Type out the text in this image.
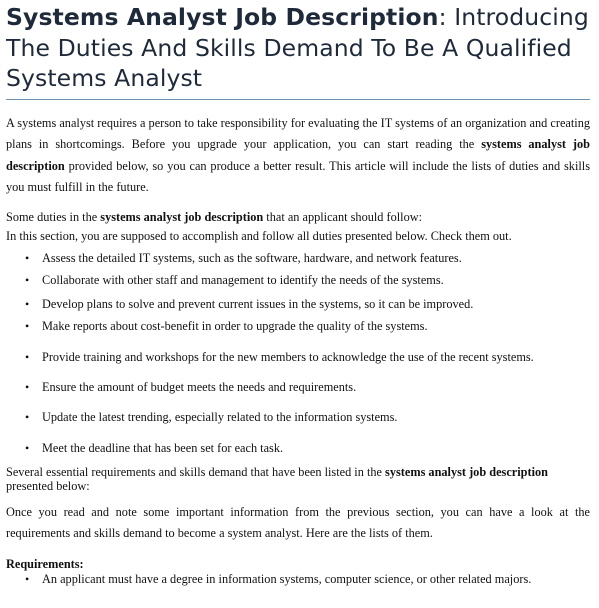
Systems Analyst Job Description: Introducing The Duties And Skills Demand To Be A Qualified Systems Analyst

A systems analyst requires a person to take responsibility for evaluating the IT systems of an organization and creating plans in shortcomings. Before you upgrade your application, you can start reading the systems analyst job description provided below, so you can produce a better result. This article will include the lists of duties and skills you must fulfill in the future.

Some duties in the systems analyst job description that an applicant should follow:

In this section, you are supposed to accomplish and follow all duties presented below. Check them out.

• Assess the detailed IT systems, such as the software, hardware, and network features.
• Collaborate with other staff and management to identify the needs of the systems.
• Develop plans to solve and prevent current issues in the systems, so it can be improved.
• Make reports about cost-benefit in order to upgrade the quality of the systems.
• Provide training and workshops for the new members to acknowledge the use of the recent systems.
• Ensure the amount of budget meets the needs and requirements.
• Update the latest trending, especially related to the information systems.
• Meet the deadline that has been set for each task.

Several essential requirements and skills demand that have been listed in the systems analyst job description presented below:

Once you read and note some important information from the previous section, you can have a look at the requirements and skills demand to become a system analyst. Here are the lists of them.

Requirements:

• An applicant must have a degree in information systems, computer science, or other related majors.
